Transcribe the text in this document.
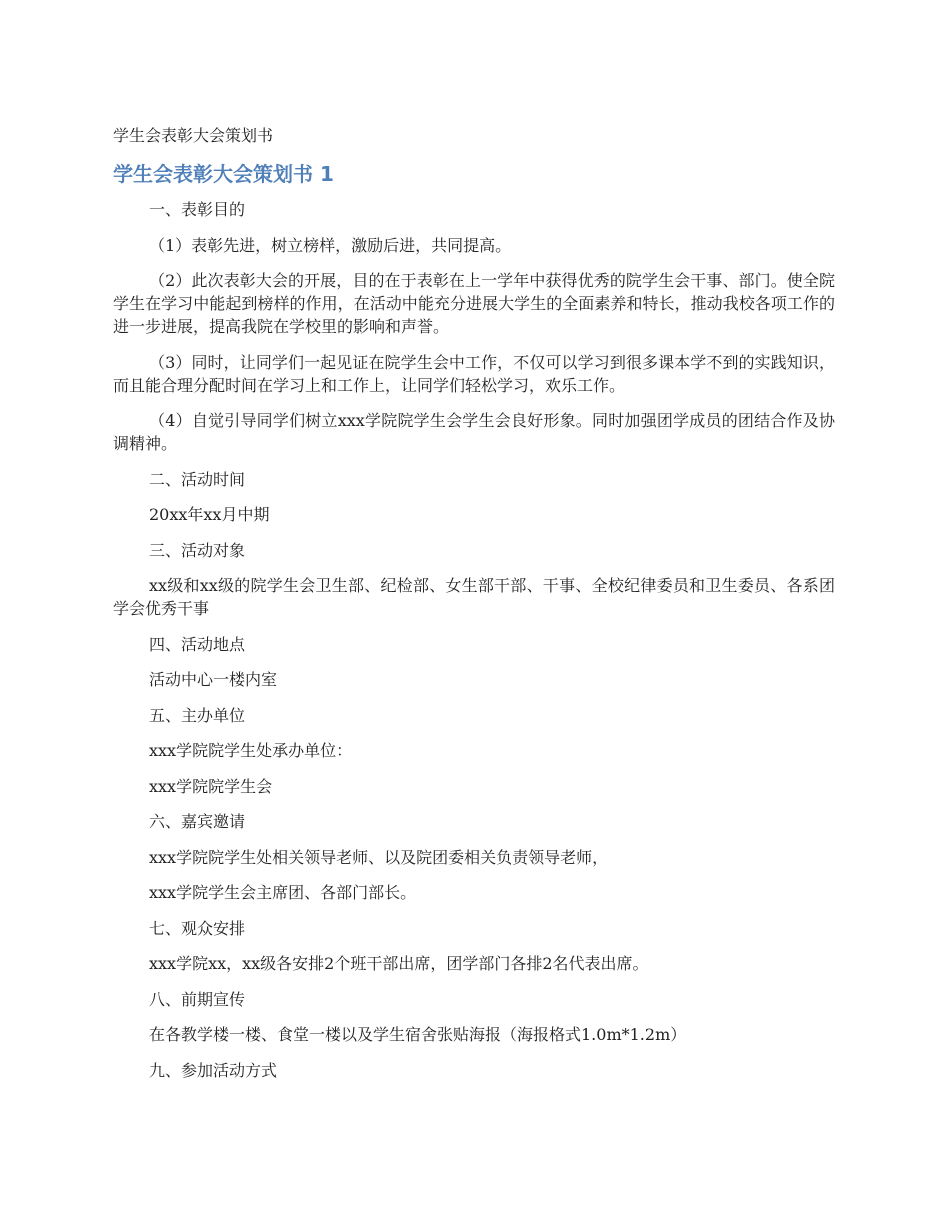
学生会表彰大会策划书
学生会表彰大会策划书 1

一、表彰目的

（1）表彰先进，树立榜样，激励后进，共同提高。

（2）此次表彰大会的开展，目的在于表彰在上一学年中获得优秀的院学生会干事、部门。使全院学生在学习中能起到榜样的作用，在活动中能充分进展大学生的全面素养和特长，推动我校各项工作的进一步进展，提高我院在学校里的影响和声誉。

（3）同时，让同学们一起见证在院学生会中工作，不仅可以学习到很多课本学不到的实践知识，而且能合理分配时间在学习上和工作上，让同学们轻松学习，欢乐工作。

（4）自觉引导同学们树立xxx学院院学生会学生会良好形象。同时加强团学成员的团结合作及协调精神。

二、活动时间

20xx年xx月中期

三、活动对象

xx级和xx级的院学生会卫生部、纪检部、女生部干部、干事、全校纪律委员和卫生委员、各系团学会优秀干事

四、活动地点

活动中心一楼内室

五、主办单位

xxx学院院学生处承办单位：

xxx学院院学生会

六、嘉宾邀请

xxx学院院学生处相关领导老师、以及院团委相关负责领导老师，

xxx学院学生会主席团、各部门部长。

七、观众安排

xxx学院xx，xx级各安排2个班干部出席，团学部门各排2名代表出席。

八、前期宣传

在各教学楼一楼、食堂一楼以及学生宿舍张贴海报（海报格式1.0m*1.2m）

九、参加活动方式
